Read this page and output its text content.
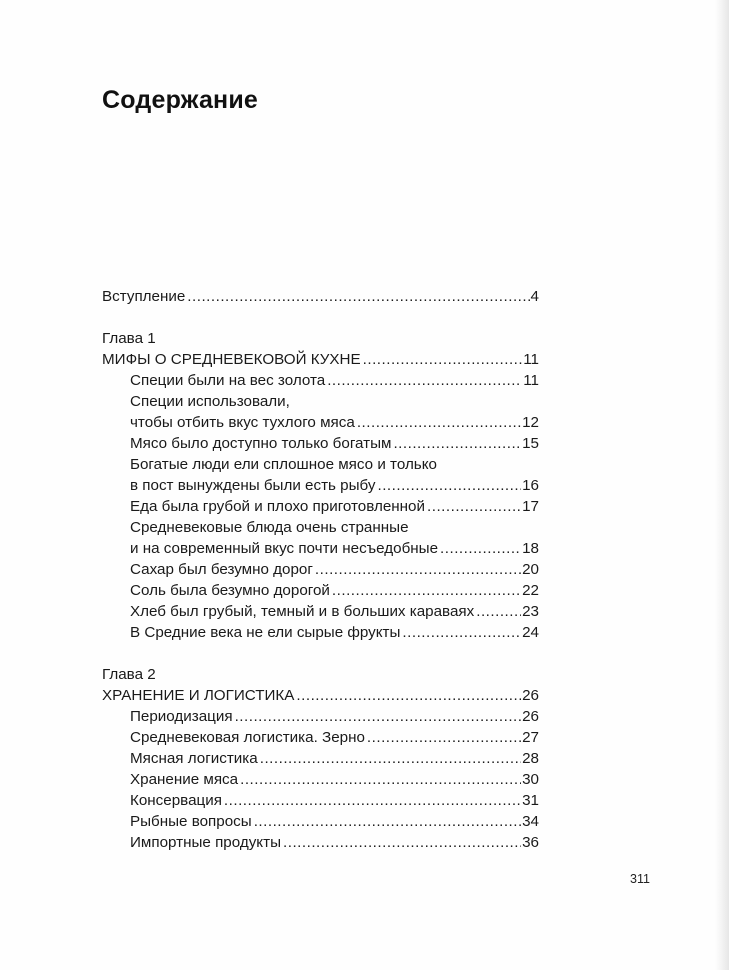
Содержание
Вступление .....	4
Глава 1
МИФЫ О СРЕДНЕВЕКОВОЙ КУХНЕ .....	11
Специи были на вес золота .....	11
Специи использовали,
чтобы отбить вкус тухлого мяса .....	12
Мясо было доступно только богатым .....	15
Богатые люди ели сплошное мясо и только
в пост вынуждены были есть рыбу .....	16
Еда была грубой и плохо приготовленной .....	17
Средневековые блюда очень странные
и на современный вкус почти несъедобные .....	18
Сахар был безумно дорог .....	20
Соль была безумно дорогой .....	22
Хлеб был грубый, темный и в больших караваях .....	23
В Средние века не ели сырые фрукты .....	24
Глава 2
ХРАНЕНИЕ И ЛОГИСТИКА .....	26
Периодизация .....	26
Средневековая логистика. Зерно .....	27
Мясная логистика .....	28
Хранение мяса .....	30
Консервация .....	31
Рыбные вопросы .....	34
Импортные продукты .....	36
311
